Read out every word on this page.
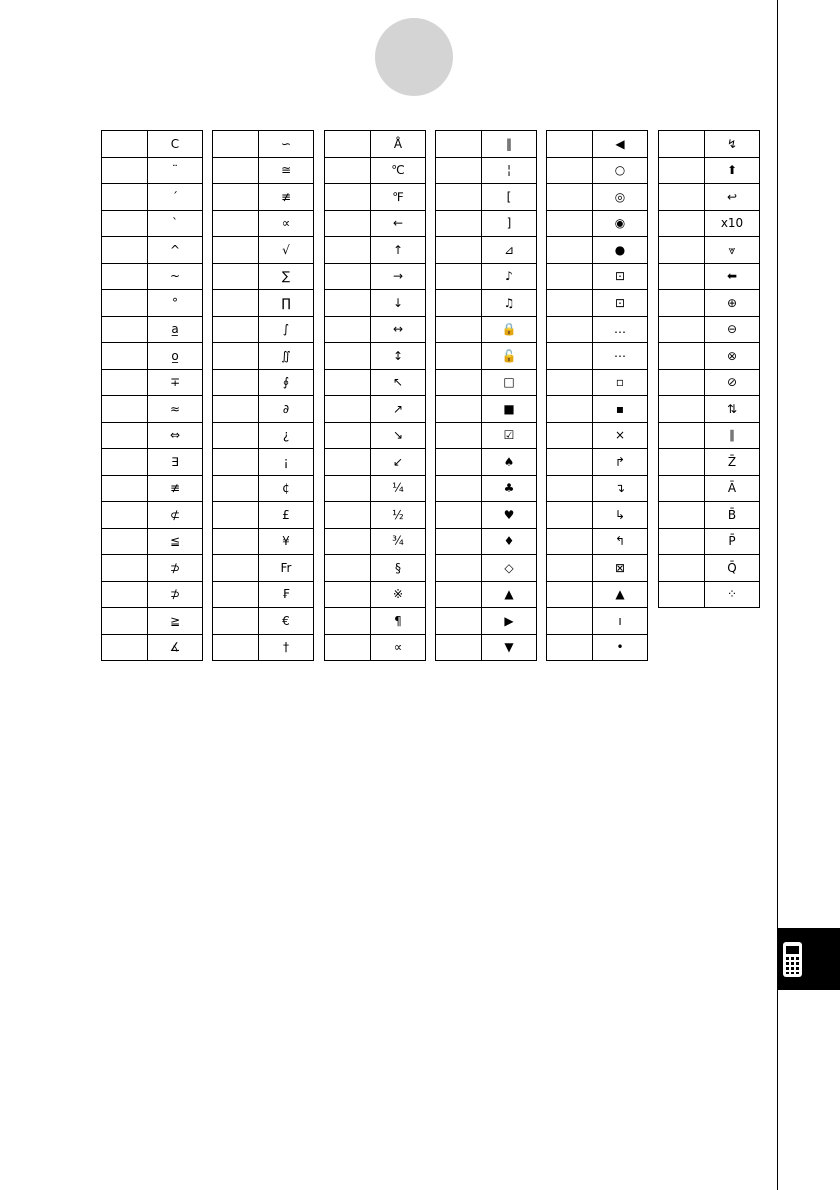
	C
	¨
	ˊ
	ˋ
	^
	~
	°
	a̲
	o̲
	∓
	≈
	⇔
	∃
	≢
	⊄
	≦
	⊅
	⊅
	≧
	∡
	∽
	≅
	≢
	∝
	√
	∑
	∏
	∫
	∬
	∮
	∂
	¿
	¡
	¢
	£
	¥
	Fr
	₣
	€
	†
	Å
	℃
	℉
	←
	↑
	→
	↓
	↔
	↕
	↖
	↗
	↘
	↙
	¼
	½
	¾
	§
	※
	¶
	∝
	‖
	¦
	[
	]
	⊿
	♪
	♫
	🔒
	🔓
	□
	■
	☑
	♠
	♣
	♥
	♦
	◇
	▲
	▶
	▼
	◀
	○
	◎
	◉
	●
	⊡
	⊡
	…
	⋯
	▫
	▪
	×
	↱
	↴
	↳
	↰
	⊠
	▲
	ı
	•
	↯
	⬆
	↩
	x10
	⩔
	⬅
	⊕
	⊖
	⊗
	⊘
	⇅
	∥
	Z̄
	Ā
	B̄
	P̄
	Q̄
	⁘
